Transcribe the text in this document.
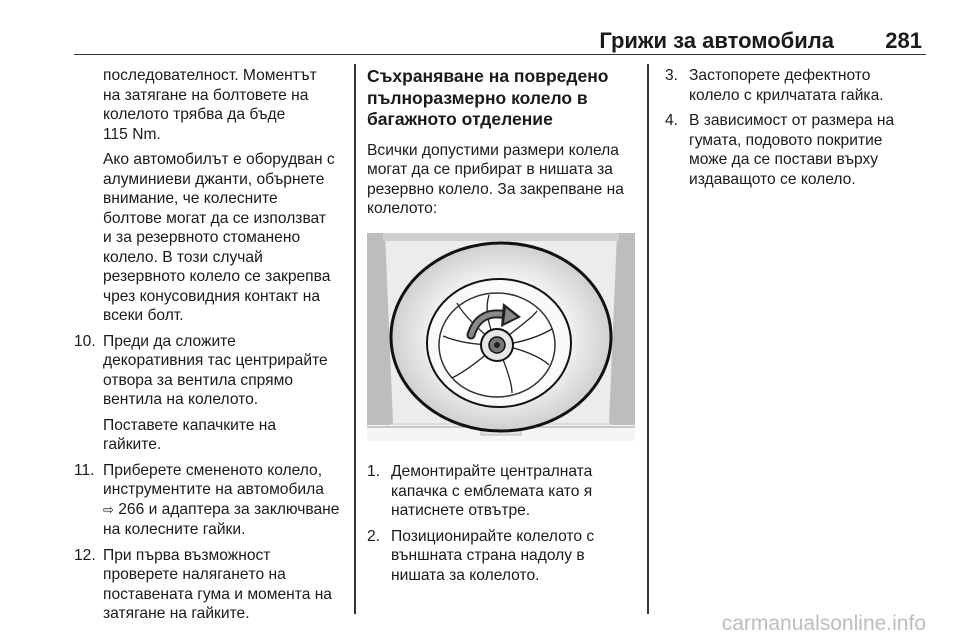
Грижи за автомобила 281

последователност. Моментът
на затягане на болтовете на
колелото трябва да бъде
115 Nm.

Ако автомобилът е оборудван с
алуминиеви джанти, обърнете
внимание, че колесните
болтове могат да се използват
и за резервното стоманено
колело. В този случай
резервното колело се закрепва
чрез конусовидния контакт на
всеки болт.

10. Преди да сложите
декоративния тас центрирайте
отвора за вентила спрямо
вентила на колелото.

Поставете капачките на
гайките.

11. Приберете смененото колело,
инструментите на автомобила
⇨ 266 и адаптера за заключване
на колесните гайки.
12. При първа възможност
проверете наляганeто на
поставената гума и момента на
затягане на гайките.
Съхраняване на повредено
пълноразмерно колело в
багажното отделение

Всички допустими размери колела
могат да се прибират в нишата за
резервно колело. За закрепване на
колелото:

1. Демонтирайте централната
капачка с емблемата като я
натиснете отвътре.
2. Позиционирайте колелото с
външната страна надолу в
нишата за колелото.
3. Застопорете дефектното
колело с крилчатата гайка.
4. В зависимост от размера на
гумата, подовото покритие
може да се постави върху
издаващото се колело.
carmanualsonline.info
